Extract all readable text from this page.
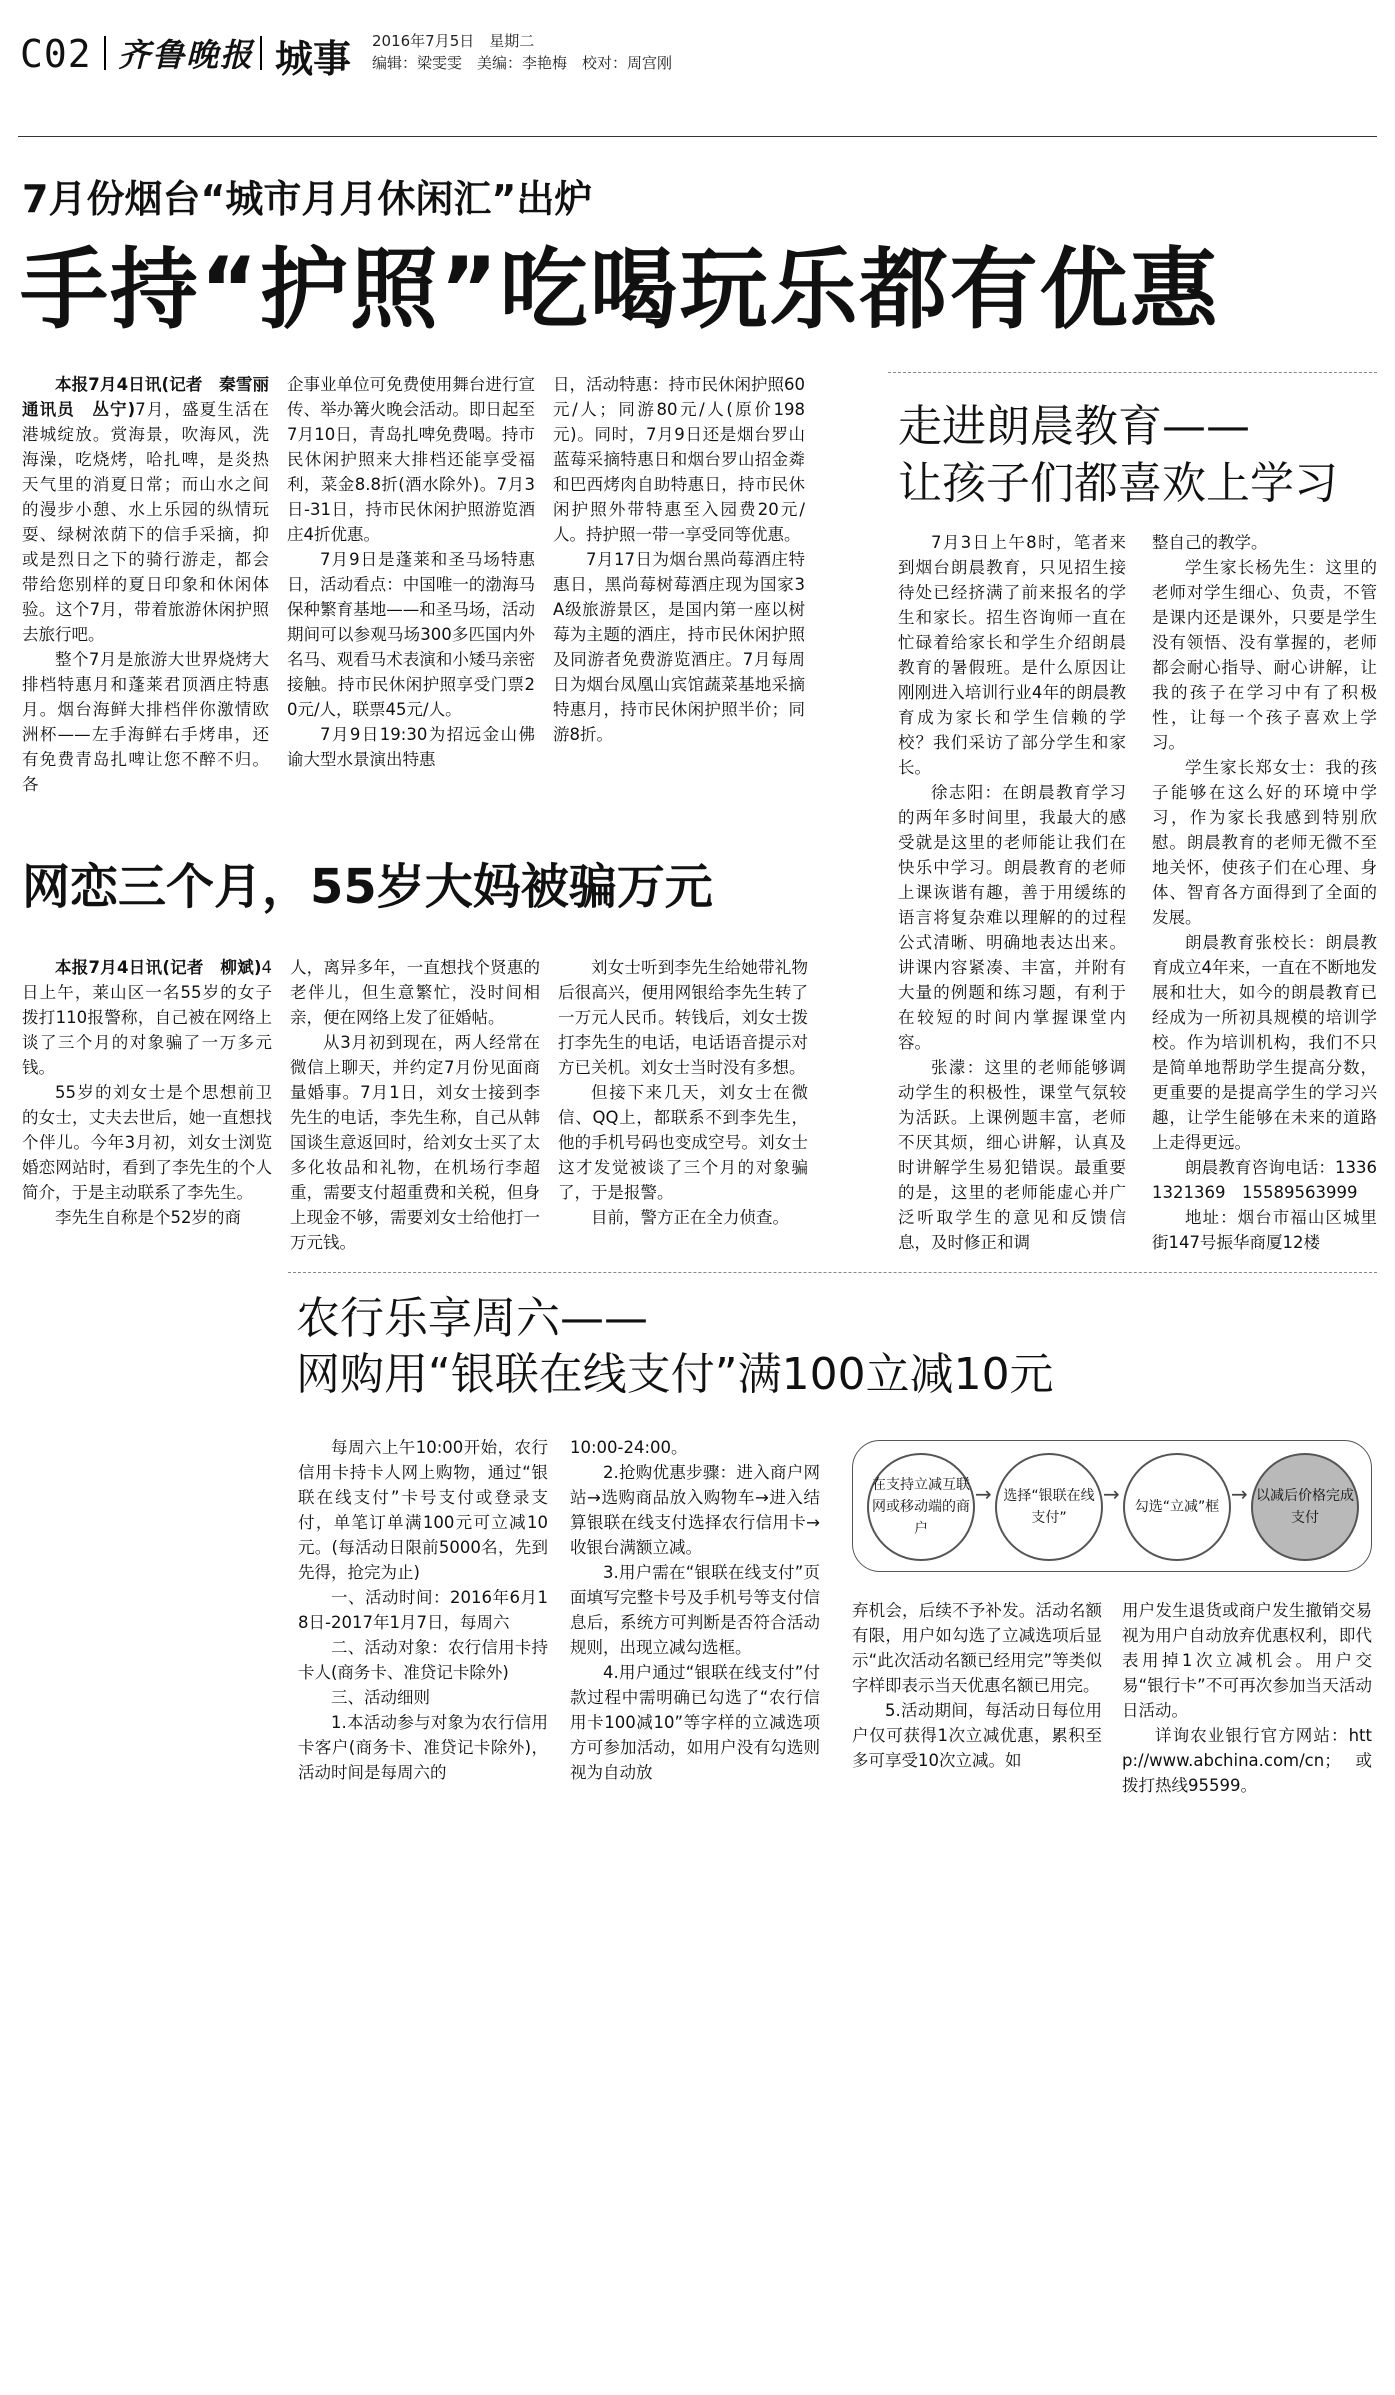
C02 齐鲁晚报 城事 2016年7月5日　星期二
编辑：梁雯雯　美编：李艳梅　校对：周宫刚
7月份烟台“城市月月休闲汇”出炉
手持“护照”吃喝玩乐都有优惠

本报7月4日讯(记者　秦雪丽　通讯员　丛宁)7月，盛夏生活在港城绽放。赏海景，吹海风，洗海澡，吃烧烤，哈扎啤，是炎热天气里的消夏日常；而山水之间的漫步小憩、水上乐园的纵情玩耍、绿树浓荫下的信手采摘，抑或是烈日之下的骑行游走，都会带给您别样的夏日印象和休闲体验。这个7月，带着旅游休闲护照去旅行吧。

整个7月是旅游大世界烧烤大排档特惠月和蓬莱君顶酒庄特惠月。烟台海鲜大排档伴你激情欧洲杯——左手海鲜右手烤串，还有免费青岛扎啤让您不醉不归。各

企事业单位可免费使用舞台进行宣传、举办篝火晚会活动。即日起至7月10日，青岛扎啤免费喝。持市民休闲护照来大排档还能享受福利，菜金8.8折(酒水除外)。7月3日-31日，持市民休闲护照游览酒庄4折优惠。

7月9日是蓬莱和圣马场特惠日，活动看点：中国唯一的渤海马保种繁育基地——和圣马场，活动期间可以参观马场300多匹国内外名马、观看马术表演和小矮马亲密接触。持市民休闲护照享受门票20元/人，联票45元/人。

7月9日19:30为招远金山佛谕大型水景演出特惠

日，活动特惠：持市民休闲护照60元/人；同游80元/人(原价198元)。同时，7月9日还是烟台罗山蓝莓采摘特惠日和烟台罗山招金粦和巴西烤肉自助特惠日，持市民休闲护照外带特惠至入园费20元/人。持护照一带一享受同等优惠。

7月17日为烟台黑尚莓酒庄特惠日，黑尚莓树莓酒庄现为国家3A级旅游景区，是国内第一座以树莓为主题的酒庄，持市民休闲护照及同游者免费游览酒庄。7月每周日为烟台凤凰山宾馆蔬菜基地采摘特惠月，持市民休闲护照半价；同游8折。

走进朗晨教育——
让孩子们都喜欢上学习

7月3日上午8时，笔者来到烟台朗晨教育，只见招生接待处已经挤满了前来报名的学生和家长。招生咨询师一直在忙碌着给家长和学生介绍朗晨教育的暑假班。是什么原因让刚刚进入培训行业4年的朗晨教育成为家长和学生信赖的学校？我们采访了部分学生和家长。

徐志阳：在朗晨教育学习的两年多时间里，我最大的感受就是这里的老师能让我们在快乐中学习。朗晨教育的老师上课诙谐有趣，善于用缓练的语言将复杂难以理解的的过程公式清晰、明确地表达出来。讲课内容紧凑、丰富，并附有大量的例题和练习题，有利于在较短的时间内掌握课堂内容。

张濛：这里的老师能够调动学生的积极性，课堂气氛较为活跃。上课例题丰富，老师不厌其烦，细心讲解，认真及时讲解学生易犯错误。最重要的是，这里的老师能虚心并广泛听取学生的意见和反馈信息，及时修正和调

整自己的教学。

学生家长杨先生：这里的老师对学生细心、负责，不管是课内还是课外，只要是学生没有领悟、没有掌握的，老师都会耐心指导、耐心讲解，让我的孩子在学习中有了积极性，让每一个孩子喜欢上学习。

学生家长郑女士：我的孩子能够在这么好的环境中学习，作为家长我感到特别欣慰。朗晨教育的老师无微不至地关怀，使孩子们在心理、身体、智育各方面得到了全面的发展。

朗晨教育张校长：朗晨教育成立4年来，一直在不断地发展和壮大，如今的朗晨教育已经成为一所初具规模的培训学校。作为培训机构，我们不只是简单地帮助学生提高分数，更重要的是提高学生的学习兴趣，让学生能够在未来的道路上走得更远。

朗晨教育咨询电话：13361321369　15589563999

地址：烟台市福山区城里街147号振华商厦12楼

网恋三个月，55岁大妈被骗万元

本报7月4日讯(记者　柳斌)4日上午，莱山区一名55岁的女子拨打110报警称，自己被在网络上谈了三个月的对象骗了一万多元钱。

55岁的刘女士是个思想前卫的女士，丈夫去世后，她一直想找个伴儿。今年3月初，刘女士浏览婚恋网站时，看到了李先生的个人简介，于是主动联系了李先生。

李先生自称是个52岁的商

人，离异多年，一直想找个贤惠的老伴儿，但生意繁忙，没时间相亲，便在网络上发了征婚帖。

从3月初到现在，两人经常在微信上聊天，并约定7月份见面商量婚事。7月1日，刘女士接到李先生的电话，李先生称，自己从韩国谈生意返回时，给刘女士买了太多化妆品和礼物，在机场行李超重，需要支付超重费和关税，但身上现金不够，需要刘女士给他打一万元钱。

刘女士听到李先生给她带礼物后很高兴，便用网银给李先生转了一万元人民币。转钱后，刘女士拨打李先生的电话，电话语音提示对方已关机。刘女士当时没有多想。

但接下来几天，刘女士在微信、QQ上，都联系不到李先生，他的手机号码也变成空号。刘女士这才发觉被谈了三个月的对象骗了，于是报警。

目前，警方正在全力侦查。

农行乐享周六——
网购用“银联在线支付”满100立减10元

每周六上午10:00开始，农行信用卡持卡人网上购物，通过“银联在线支付”卡号支付或登录支付，单笔订单满100元可立减10元。(每活动日限前5000名，先到先得，抢完为止)

一、活动时间：2016年6月18日-2017年1月7日，每周六

二、活动对象：农行信用卡持卡人(商务卡、准贷记卡除外)

三、活动细则

1.本活动参与对象为农行信用卡客户(商务卡、准贷记卡除外)，活动时间是每周六的

10:00-24:00。

2.抢购优惠步骤：进入商户网站→选购商品放入购物车→进入结算银联在线支付选择农行信用卡→收银台满额立减。

3.用户需在“银联在线支付”页面填写完整卡号及手机号等支付信息后，系统方可判断是否符合活动规则，出现立减勾选框。

4.用户通过“银联在线支付”付款过程中需明确已勾选了“农行信用卡100减10”等字样的立减选项方可参加活动，如用户没有勾选则视为自动放

在支持立减互联网或移动端的商户
→ 选择“银联在线支付”
→
勾选“立减”框
→ 以减后价格完成支付

弃机会，后续不予补发。活动名额有限，用户如勾选了立减选项后显示“此次活动名额已经用完”等类似字样即表示当天优惠名额已用完。

5.活动期间，每活动日每位用户仅可获得1次立减优惠，累积至多可享受10次立减。如

用户发生退货或商户发生撤销交易视为用户自动放弃优惠权利，即代表用掉1次立减机会。用户交易“银行卡”不可再次参加当天活动日活动。

详询农业银行官方网站：http://www.abchina.com/cn；或拨打热线95599。
